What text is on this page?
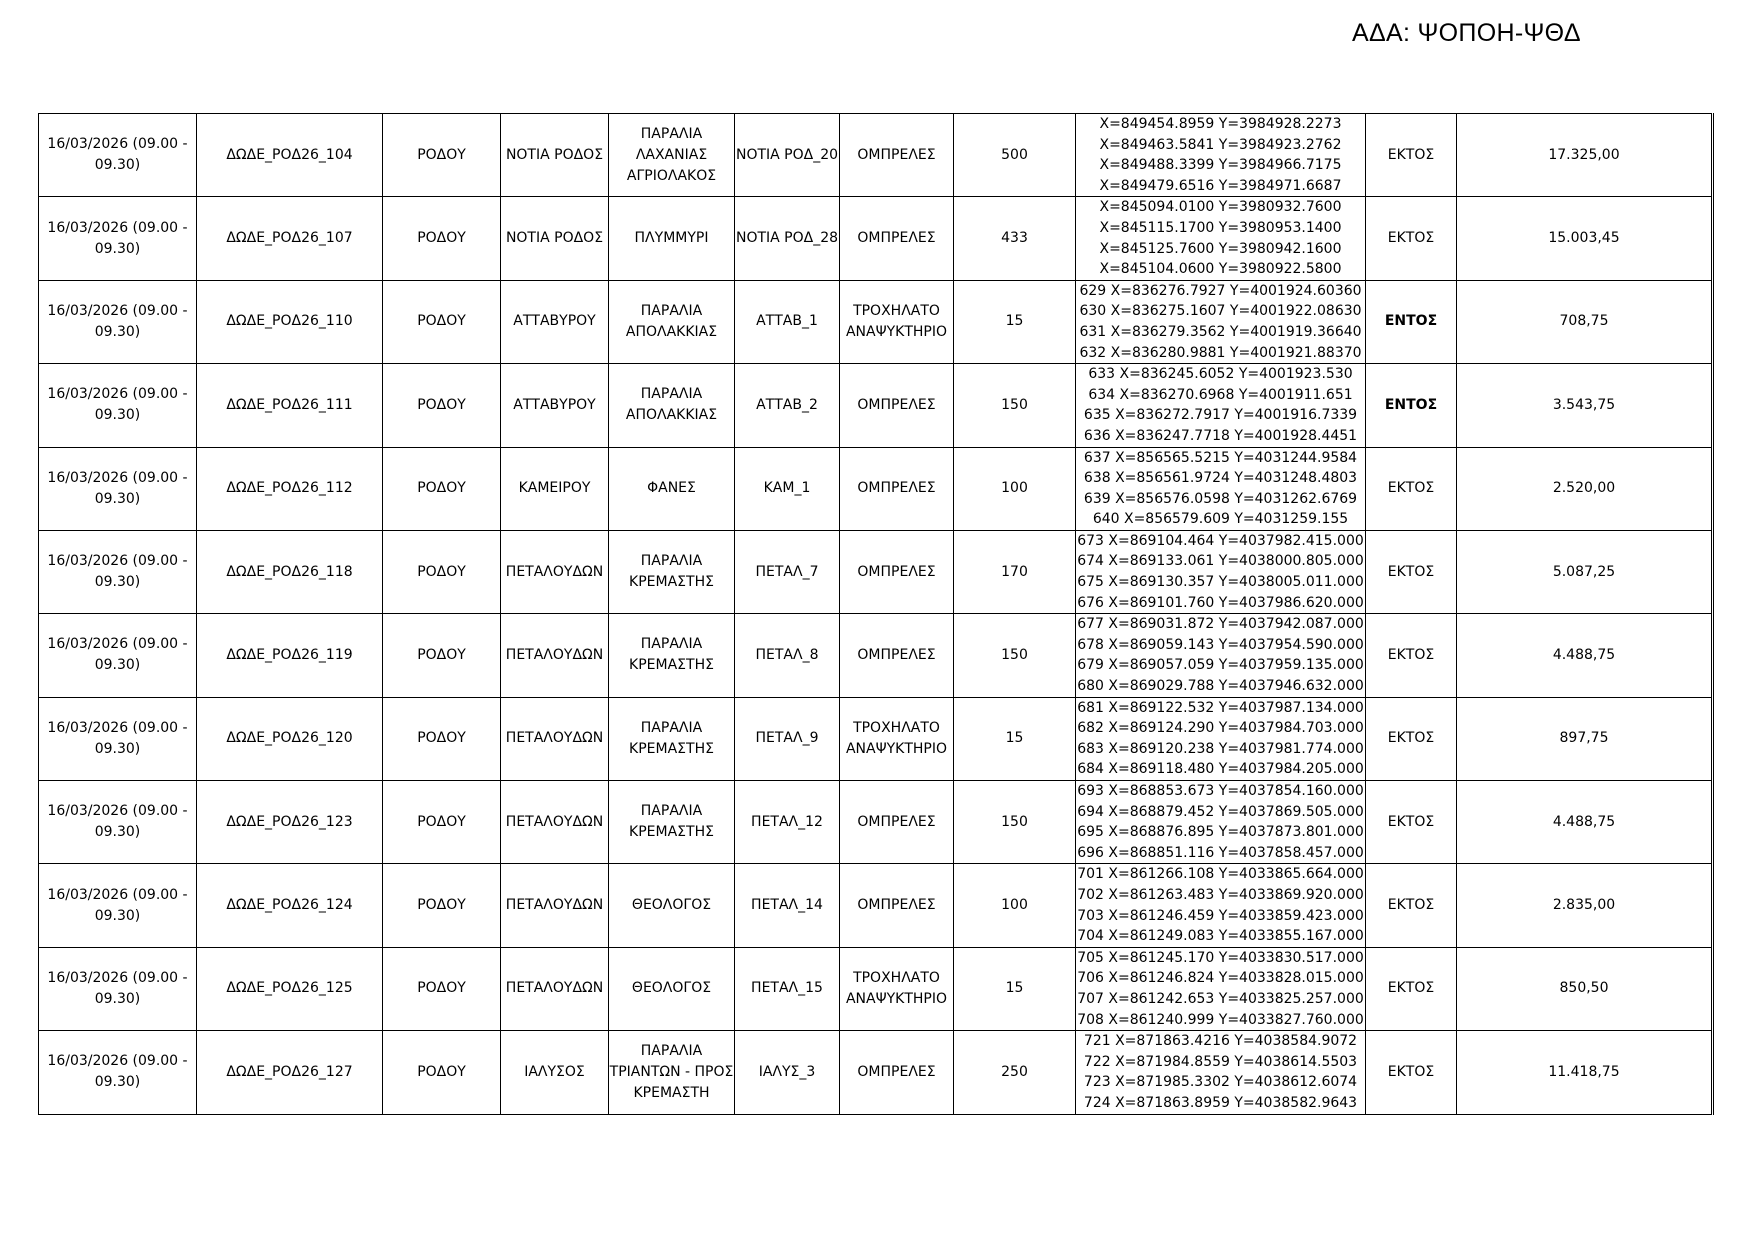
ΑΔΑ: ΨΟΠΟΗ-ΨΘΔ
16/03/2026 (09.00 - 09.30)	ΔΩΔΕ_ΡΟΔ26_104	ΡΟΔΟΥ	ΝΟΤΙΑ ΡΟΔΟΣ	ΠΑΡΑΛΙΑ ΛΑΧΑΝΙΑΣ ΑΓΡΙΟΛΑΚΟΣ	ΝΟΤΙΑ ΡΟΔ_20	ΟΜΠΡΕΛΕΣ	500	X=849454.8959 Y=3984928.2273
X=849463.5841 Y=3984923.2762
X=849488.3399 Y=3984966.7175
X=849479.6516 Y=3984971.6687	ΕΚΤΟΣ	17.325,00
16/03/2026 (09.00 - 09.30)	ΔΩΔΕ_ΡΟΔ26_107	ΡΟΔΟΥ	ΝΟΤΙΑ ΡΟΔΟΣ	ΠΛΥΜΜΥΡΙ	ΝΟΤΙΑ ΡΟΔ_28	ΟΜΠΡΕΛΕΣ	433	X=845094.0100 Y=3980932.7600
X=845115.1700 Y=3980953.1400
X=845125.7600 Y=3980942.1600
X=845104.0600 Y=3980922.5800	ΕΚΤΟΣ	15.003,45
16/03/2026 (09.00 - 09.30)	ΔΩΔΕ_ΡΟΔ26_110	ΡΟΔΟΥ	ΑΤΤΑΒΥΡΟΥ	ΠΑΡΑΛΙΑ ΑΠΟΛΑΚΚΙΑΣ	ΑΤΤΑΒ_1	ΤΡΟΧΗΛΑΤΟ ΑΝΑΨΥΚΤΗΡΙΟ	15	629 X=836276.7927 Y=4001924.60360
630 X=836275.1607 Y=4001922.08630
631 X=836279.3562 Y=4001919.36640
632 X=836280.9881 Y=4001921.88370	ΕΝΤΟΣ	708,75
16/03/2026 (09.00 - 09.30)	ΔΩΔΕ_ΡΟΔ26_111	ΡΟΔΟΥ	ΑΤΤΑΒΥΡΟΥ	ΠΑΡΑΛΙΑ ΑΠΟΛΑΚΚΙΑΣ	ΑΤΤΑΒ_2	ΟΜΠΡΕΛΕΣ	150	633 X=836245.6052 Y=4001923.530
634 X=836270.6968 Y=4001911.651
635 X=836272.7917 Y=4001916.7339
636 X=836247.7718 Y=4001928.4451	ΕΝΤΟΣ	3.543,75
16/03/2026 (09.00 - 09.30)	ΔΩΔΕ_ΡΟΔ26_112	ΡΟΔΟΥ	ΚΑΜΕΙΡΟΥ	ΦΑΝΕΣ	ΚΑΜ_1	ΟΜΠΡΕΛΕΣ	100	637 X=856565.5215 Y=4031244.9584
638 X=856561.9724 Y=4031248.4803
639 X=856576.0598 Y=4031262.6769
640 X=856579.609 Y=4031259.155	ΕΚΤΟΣ	2.520,00
16/03/2026 (09.00 - 09.30)	ΔΩΔΕ_ΡΟΔ26_118	ΡΟΔΟΥ	ΠΕΤΑΛΟΥΔΩΝ	ΠΑΡΑΛΙΑ ΚΡΕΜΑΣΤΗΣ	ΠΕΤΑΛ_7	ΟΜΠΡΕΛΕΣ	170	673 X=869104.464 Y=4037982.415.000
674 X=869133.061 Y=4038000.805.000
675 X=869130.357 Y=4038005.011.000
676 X=869101.760 Y=4037986.620.000	ΕΚΤΟΣ	5.087,25
16/03/2026 (09.00 - 09.30)	ΔΩΔΕ_ΡΟΔ26_119	ΡΟΔΟΥ	ΠΕΤΑΛΟΥΔΩΝ	ΠΑΡΑΛΙΑ ΚΡΕΜΑΣΤΗΣ	ΠΕΤΑΛ_8	ΟΜΠΡΕΛΕΣ	150	677 X=869031.872 Y=4037942.087.000
678 X=869059.143 Y=4037954.590.000
679 X=869057.059 Y=4037959.135.000
680 X=869029.788 Y=4037946.632.000	ΕΚΤΟΣ	4.488,75
16/03/2026 (09.00 - 09.30)	ΔΩΔΕ_ΡΟΔ26_120	ΡΟΔΟΥ	ΠΕΤΑΛΟΥΔΩΝ	ΠΑΡΑΛΙΑ ΚΡΕΜΑΣΤΗΣ	ΠΕΤΑΛ_9	ΤΡΟΧΗΛΑΤΟ ΑΝΑΨΥΚΤΗΡΙΟ	15	681 X=869122.532 Y=4037987.134.000
682 X=869124.290 Y=4037984.703.000
683 X=869120.238 Y=4037981.774.000
684 X=869118.480 Y=4037984.205.000	ΕΚΤΟΣ	897,75
16/03/2026 (09.00 - 09.30)	ΔΩΔΕ_ΡΟΔ26_123	ΡΟΔΟΥ	ΠΕΤΑΛΟΥΔΩΝ	ΠΑΡΑΛΙΑ ΚΡΕΜΑΣΤΗΣ	ΠΕΤΑΛ_12	ΟΜΠΡΕΛΕΣ	150	693 X=868853.673 Y=4037854.160.000
694 X=868879.452 Y=4037869.505.000
695 X=868876.895 Y=4037873.801.000
696 X=868851.116 Y=4037858.457.000	ΕΚΤΟΣ	4.488,75
16/03/2026 (09.00 - 09.30)	ΔΩΔΕ_ΡΟΔ26_124	ΡΟΔΟΥ	ΠΕΤΑΛΟΥΔΩΝ	ΘΕΟΛΟΓΟΣ	ΠΕΤΑΛ_14	ΟΜΠΡΕΛΕΣ	100	701 X=861266.108 Y=4033865.664.000
702 X=861263.483 Y=4033869.920.000
703 X=861246.459 Y=4033859.423.000
704 X=861249.083 Y=4033855.167.000	ΕΚΤΟΣ	2.835,00
16/03/2026 (09.00 - 09.30)	ΔΩΔΕ_ΡΟΔ26_125	ΡΟΔΟΥ	ΠΕΤΑΛΟΥΔΩΝ	ΘΕΟΛΟΓΟΣ	ΠΕΤΑΛ_15	ΤΡΟΧΗΛΑΤΟ ΑΝΑΨΥΚΤΗΡΙΟ	15	705 X=861245.170 Y=4033830.517.000
706 X=861246.824 Y=4033828.015.000
707 X=861242.653 Y=4033825.257.000
708 X=861240.999 Y=4033827.760.000	ΕΚΤΟΣ	850,50
16/03/2026 (09.00 - 09.30)	ΔΩΔΕ_ΡΟΔ26_127	ΡΟΔΟΥ	ΙΑΛΥΣΟΣ	ΠΑΡΑΛΙΑ ΤΡΙΑΝΤΩΝ - ΠΡΟΣ ΚΡΕΜΑΣΤΗ	ΙΑΛΥΣ_3	ΟΜΠΡΕΛΕΣ	250	721 X=871863.4216 Y=4038584.9072
722 X=871984.8559 Y=4038614.5503
723 X=871985.3302 Y=4038612.6074
724 X=871863.8959 Y=4038582.9643	ΕΚΤΟΣ	11.418,75
